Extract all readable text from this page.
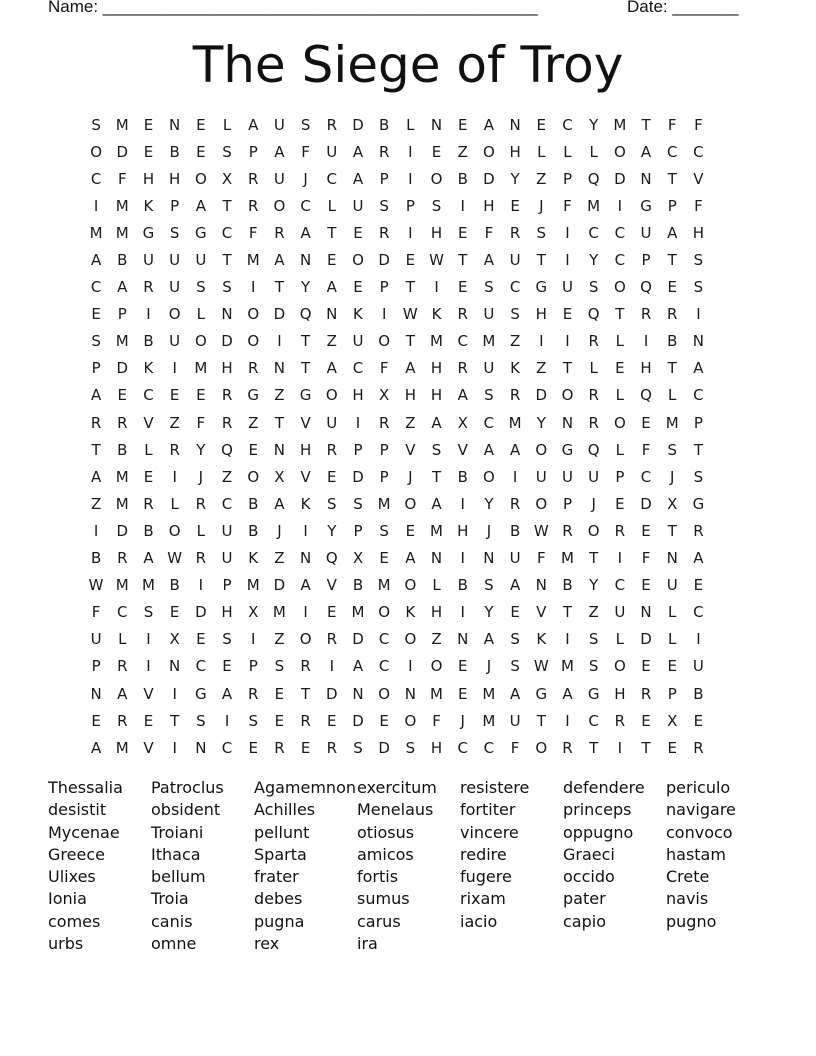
Name: ______________________________________________	Date: _______
The Siege of Troy
S M E	N	E	L	A	U	S	R	D	B	L	N	E	A	N	E	C	Y	M	T	F	F
O D	E	B	E	S	P	A	F	U	A	R	I	E	Z	O H	L	L	L	O	A	C	C
C	F	H H O	X	R	U	J	C	A	P	I	O	B	D	Y	Z	P	Q D N	T	V
I	M K	P	A	T	R	O	C	L	U	S	P	S	I	H	E	J	F	M	I	G	P	F
M M G	S	G	C	F	R	A	T	E	R	I	H	E	F	R	S	I	C	C	U	A	H
A	B	U	U	U	T	M A	N	E	O D	E W T	A	U	T	I	Y	C	P	T	S
C	A	R	U	S	S	I	T	Y	A	E	P	T	I	E	S	C	G U	S	O Q	E	S
E	P	I	O	L	N O D Q N	K	I	W K	R	U	S	H	E	Q	T	R	R	I
S M B	U O D O	I	T	Z	U O	T	M C M Z	I	I	R	L	I	B	N
P	D	K	I	M H	R	N	T	A	C	F	A	H	R	U	K	Z	T	L	E	H	T	A
A	E	C	E	E	R	G	Z	G O H	X	H H	A	S	R	D O	R	L	Q	L	C
R	R	V	Z	F	R	Z	T	V	U	I	R	Z	A	X	C M	Y	N	R	O	E M	P
T	B	L	R	Y	Q	E	N H	R	P	P	V	S	V	A	A	O G Q	L	F	S	T
A M E	I	J	Z	O	X	V	E	D	P	J	T	B	O	I	U	U	U	P	C	J	S
Z M R	L	R	C	B	A	K	S	S M O	A	I	Y	R	O	P	J	E	D	X	G
I	D	B	O	L	U	B	J	I	Y	P	S	E M H	J	B W R	O	R	E	T	R
B	R	A W R	U	K	Z	N Q	X	E	A	N	I	N	U	F	M	T	I	F	N	A
W M M B	I	P	M D	A	V	B M O	L	B	S	A	N	B	Y	C	E	U	E
F	C	S	E	D H	X M	I	E M O	K	H	I	Y	E	V	T	Z	U	N	L	C
U	L	I	X	E	S	I	Z	O	R	D	C	O	Z	N	A	S	K	I	S	L	D	L	I
P	R	I	N	C	E	P	S	R	I	A	C	I	O	E	J	S W M S	O	E	E	U
N	A	V	I	G	A	R	E	T	D N O N M E M A	G	A	G H	R	P	B
E	R	E	T	S	I	S	E	R	E	D	E	O	F	J	M U	T	I	C	R	E	X	E
A M V	I	N	C	E	R	E	R	S	D	S	H	C	C	F	O	R	T	I	T	E	R
Thessalia	Patroclus	Agamemnon exercitum	resistere	defendere	periculo
desistit	obsident	Achilles	Menelaus	fortiter	princeps	navigare
Mycenae	Troiani	pellunt	otiosus	vincere	oppugno	convoco
Greece	Ithaca	Sparta	amicos	redire	Graeci	hastam
Ulixes	bellum	frater	fortis	fugere	occido	Crete
Ionia	Troia	debes	sumus	rixam	pater	navis
comes	canis	pugna	carus	iacio	capio	pugno
urbs	omne	rex	ira
